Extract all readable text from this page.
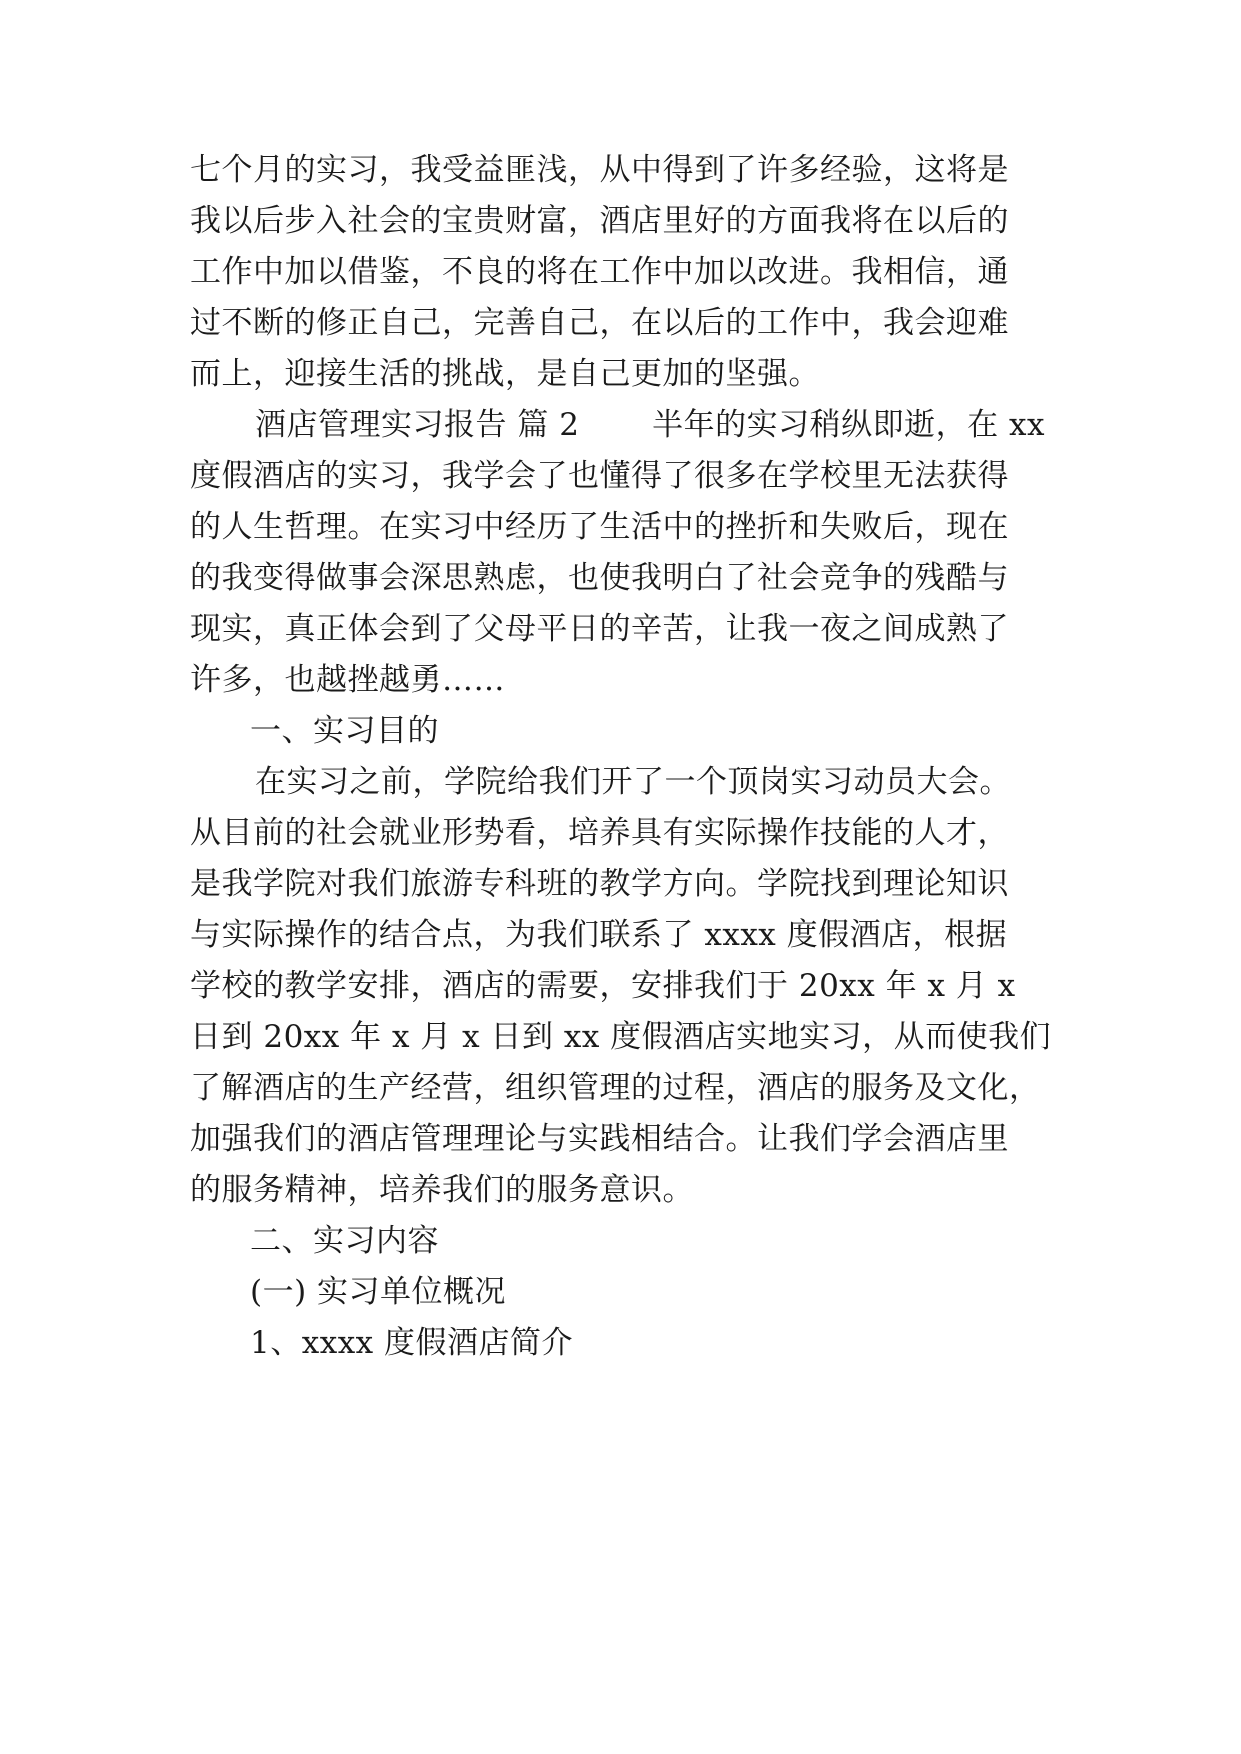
七个月的实习，我受益匪浅，从中得到了许多经验，这将是
我以后步入社会的宝贵财富，酒店里好的方面我将在以后的
工作中加以借鉴，不良的将在工作中加以改进。我相信，通
过不断的修正自己，完善自己，在以后的工作中，我会迎难
而上，迎接生活的挑战，是自己更加的坚强。
酒店管理实习报告 篇 2 半年的实习稍纵即逝，在 xx
度假酒店的实习，我学会了也懂得了很多在学校里无法获得
的人生哲理。在实习中经历了生活中的挫折和失败后，现在
的我变得做事会深思熟虑，也使我明白了社会竞争的残酷与
现实，真正体会到了父母平日的辛苦，让我一夜之间成熟了
许多，也越挫越勇……
一、实习目的
在实习之前，学院给我们开了一个顶岗实习动员大会。
从目前的社会就业形势看，培养具有实际操作技能的人才，
是我学院对我们旅游专科班的教学方向。学院找到理论知识
与实际操作的结合点，为我们联系了 xxxx 度假酒店，根据
学校的教学安排，酒店的需要，安排我们于 20xx 年 x 月 x
日到 20xx 年 x 月 x 日到 xx 度假酒店实地实习，从而使我们
了解酒店的生产经营，组织管理的过程，酒店的服务及文化，
加强我们的酒店管理理论与实践相结合。让我们学会酒店里
的服务精神，培养我们的服务意识。
二、实习内容
(一) 实习单位概况
1、xxxx 度假酒店简介
